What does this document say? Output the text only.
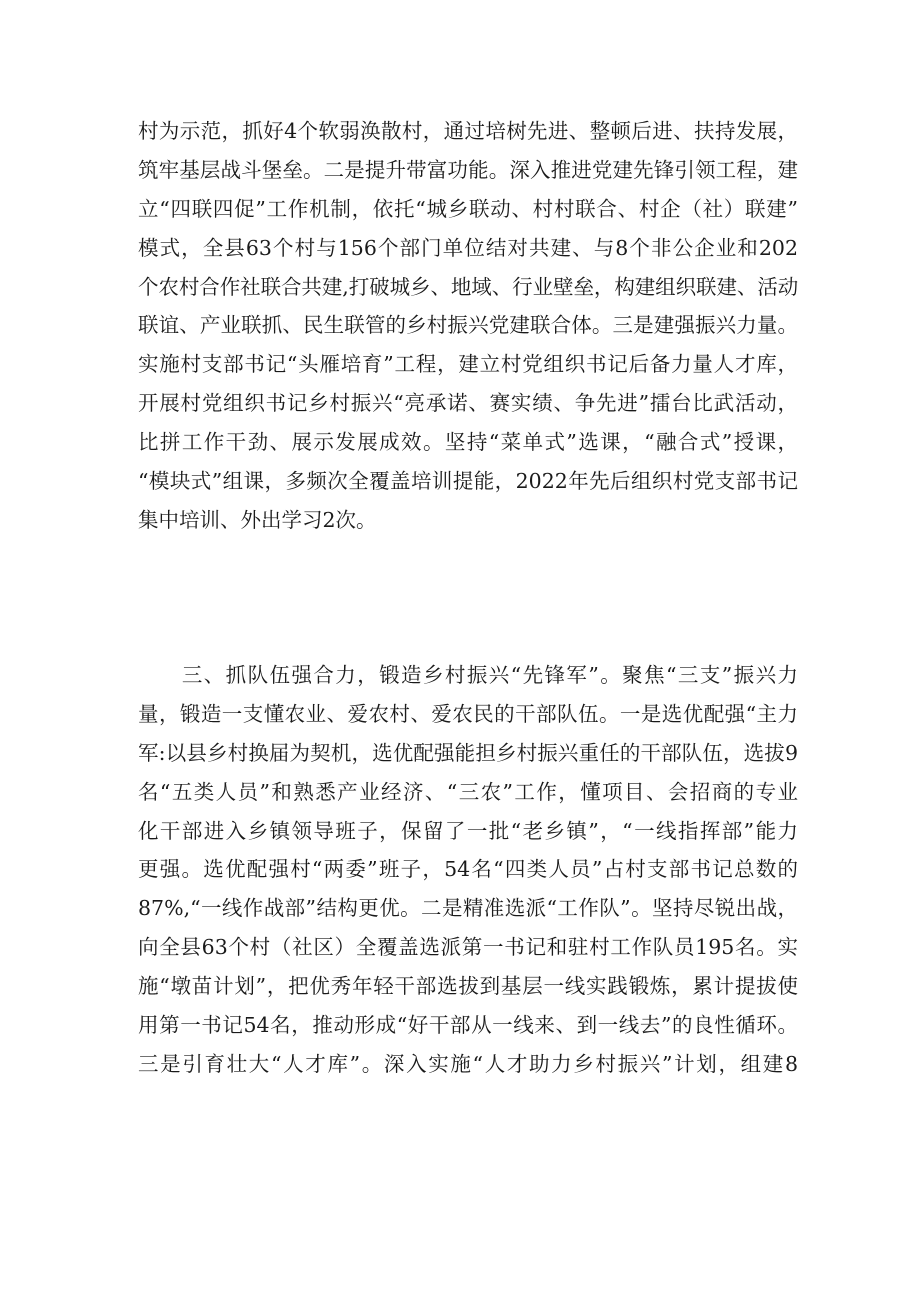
村为示范，抓好4个软弱涣散村，通过培树先进、整顿后进、扶持发展，
筑牢基层战斗堡垒。二是提升带富功能。深入推进党建先锋引领工程，建
立“四联四促”工作机制，依托“城乡联动、村村联合、村企（社）联建”
模式，全县63个村与156个部门单位结对共建、与8个非公企业和202
个农村合作社联合共建,打破城乡、地域、行业壁垒，构建组织联建、活动
联谊、产业联抓、民生联管的乡村振兴党建联合体。三是建强振兴力量。
实施村支部书记“头雁培育”工程，建立村党组织书记后备力量人才库，
开展村党组织书记乡村振兴“亮承诺、赛实绩、争先进”擂台比武活动，
比拼工作干劲、展示发展成效。坚持“菜单式”选课，“融合式”授课，
“模块式”组课，多频次全覆盖培训提能，2022年先后组织村党支部书记
集中培训、外出学习2次。
　　三、抓队伍强合力，锻造乡村振兴“先锋军”。聚焦“三支”振兴力
量，锻造一支懂农业、爱农村、爱农民的干部队伍。一是选优配强“主力
军:以县乡村换届为契机，选优配强能担乡村振兴重任的干部队伍，选拔9
名“五类人员”和熟悉产业经济、“三农”工作，懂项目、会招商的专业
化干部进入乡镇领导班子，保留了一批“老乡镇”，“一线指挥部”能力
更强。选优配强村“两委”班子，54名“四类人员”占村支部书记总数的
87%,“一线作战部”结构更优。二是精准选派“工作队”。坚持尽锐出战，
向全县63个村（社区）全覆盖选派第一书记和驻村工作队员195名。实
施“墩苗计划”，把优秀年轻干部选拔到基层一线实践锻炼，累计提拔使
用第一书记54名，推动形成“好干部从一线来、到一线去”的良性循环。
三是引育壮大“人才库”。深入实施“人才助力乡村振兴”计划，组建8
